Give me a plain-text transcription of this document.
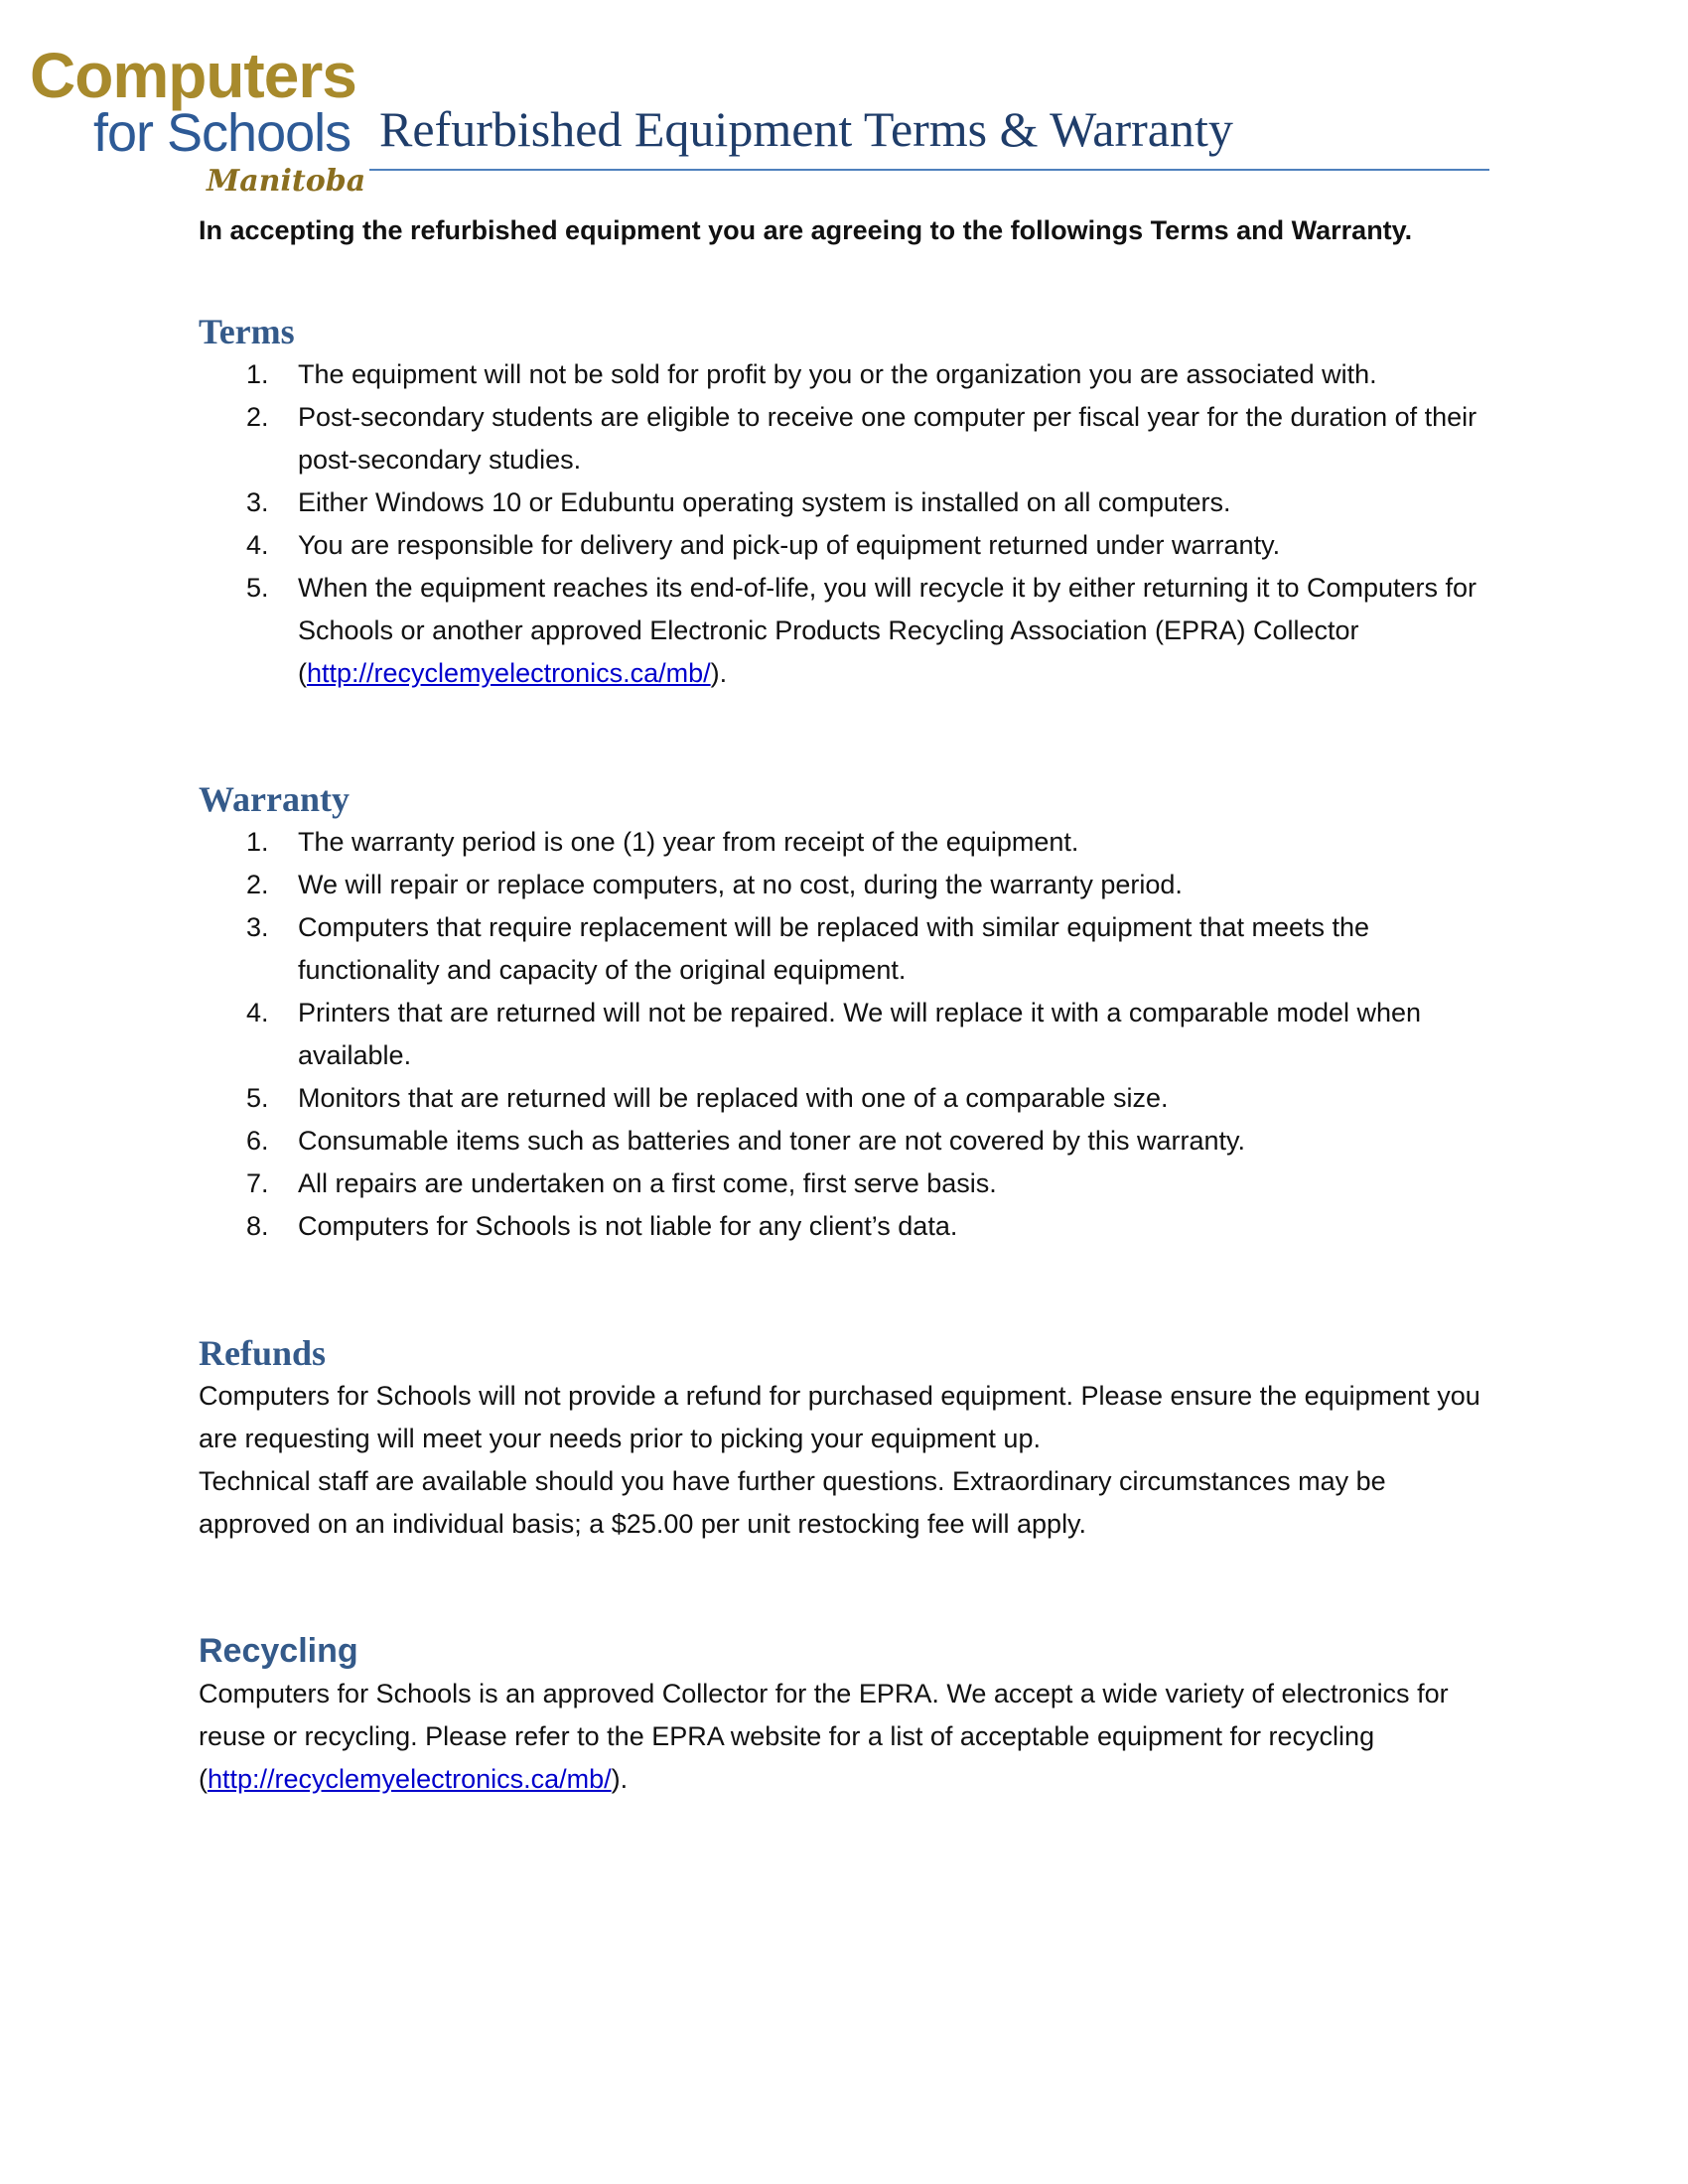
Computers
for Schools
Manitoba
Refurbished Equipment Terms & Warranty

In accepting the refurbished equipment you are agreeing to the followings Terms and Warranty.

Terms
1. The equipment will not be sold for profit by you or the organization you are associated with.
2. Post-secondary students are eligible to receive one computer per fiscal year for the duration of their post-secondary studies.
3. Either Windows 10 or Edubuntu operating system is installed on all computers.
4. You are responsible for delivery and pick-up of equipment returned under warranty.
5. When the equipment reaches its end-of-life, you will recycle it by either returning it to Computers for Schools or another approved Electronic Products Recycling Association (EPRA) Collector (http://recyclemyelectronics.ca/mb/).
Warranty
1. The warranty period is one (1) year from receipt of the equipment.
2. We will repair or replace computers, at no cost, during the warranty period.
3. Computers that require replacement will be replaced with similar equipment that meets the functionality and capacity of the original equipment.
4. Printers that are returned will not be repaired. We will replace it with a comparable model when available.
5. Monitors that are returned will be replaced with one of a comparable size.
6. Consumable items such as batteries and toner are not covered by this warranty.
7. All repairs are undertaken on a first come, first serve basis.
8. Computers for Schools is not liable for any client’s data.
Refunds

Computers for Schools will not provide a refund for purchased equipment. Please ensure the equipment you are requesting will meet your needs prior to picking your equipment up.

Technical staff are available should you have further questions. Extraordinary circumstances may be approved on an individual basis; a $25.00 per unit restocking fee will apply.

Recycling

Computers for Schools is an approved Collector for the EPRA. We accept a wide variety of electronics for reuse or recycling. Please refer to the EPRA website for a list of acceptable equipment for recycling (http://recyclemyelectronics.ca/mb/).
